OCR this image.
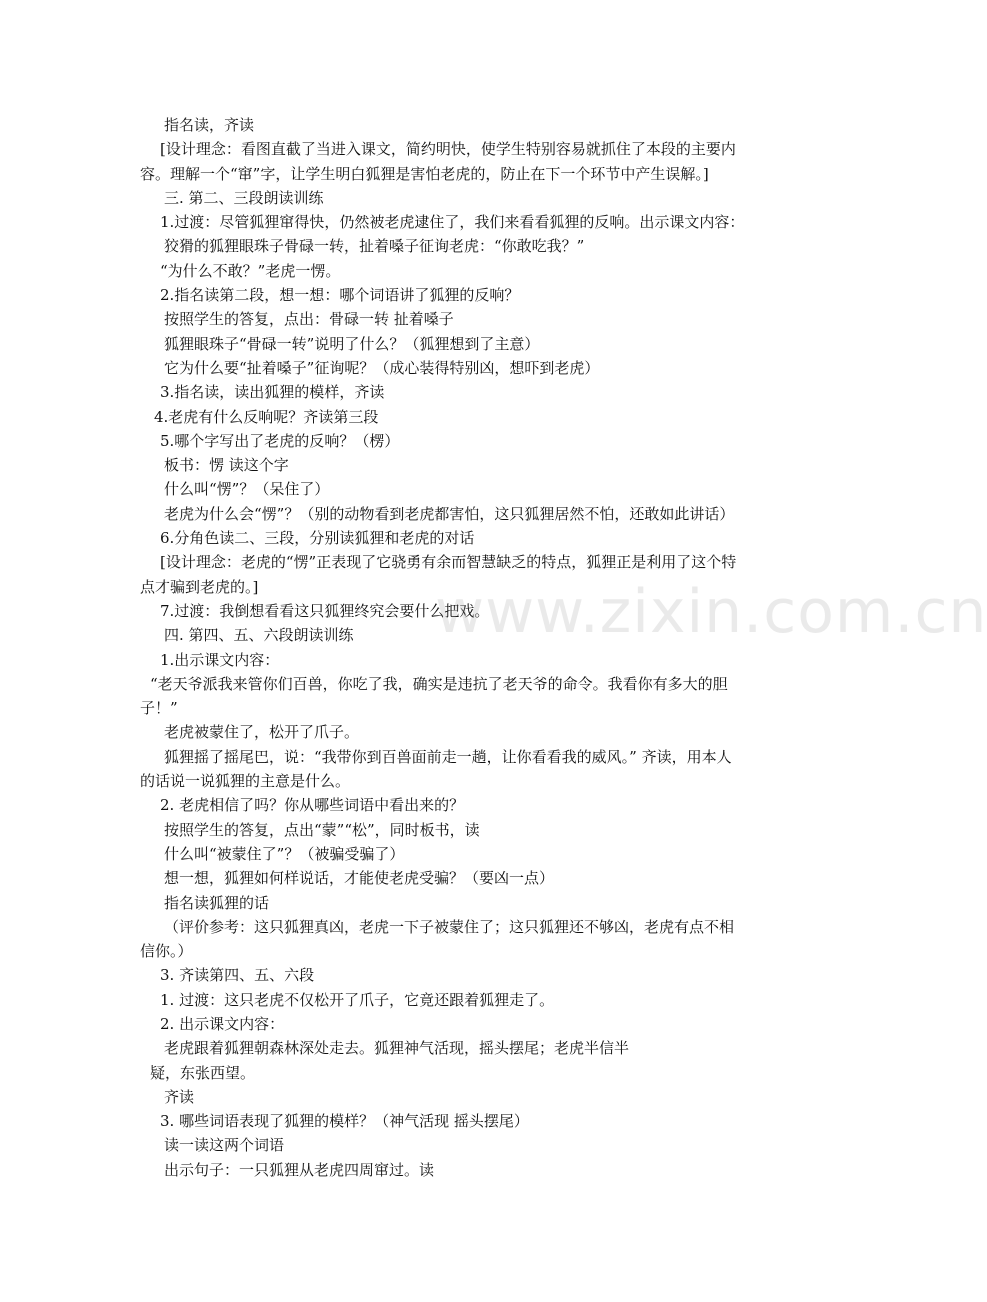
指名读，齐读
[设计理念：看图直截了当进入课文，简约明快，使学生特别容易就抓住了本段的主要内
容。理解一个“窜”字，让学生明白狐狸是害怕老虎的，防止在下一个环节中产生误解。]
三. 第二、三段朗读训练
1.过渡：尽管狐狸窜得快，仍然被老虎逮住了，我们来看看狐狸的反响。出示课文内容：
狡猾的狐狸眼珠子骨碌一转，扯着嗓子征询老虎：“你敢吃我？”
“为什么不敢？”老虎一愣。
2.指名读第二段，想一想：哪个词语讲了狐狸的反响？
按照学生的答复，点出：骨碌一转 扯着嗓子
狐狸眼珠子“骨碌一转”说明了什么？（狐狸想到了主意）
它为什么要“扯着嗓子”征询呢？（成心装得特别凶，想吓到老虎）
3.指名读，读出狐狸的模样，齐读
4.老虎有什么反响呢？齐读第三段
5.哪个字写出了老虎的反响？（楞）
板书：愣 读这个字
什么叫“愣”？（呆住了）
老虎为什么会“愣”？（别的动物看到老虎都害怕，这只狐狸居然不怕，还敢如此讲话）
6.分角色读二、三段，分别读狐狸和老虎的对话
[设计理念：老虎的“愣”正表现了它骁勇有余而智慧缺乏的特点，狐狸正是利用了这个特
点才骗到老虎的。]
7.过渡：我倒想看看这只狐狸终究会要什么把戏。
四. 第四、五、六段朗读训练
1.出示课文内容：
“老天爷派我来管你们百兽，你吃了我，确实是违抗了老天爷的命令。我看你有多大的胆
子！”
老虎被蒙住了，松开了爪子。
狐狸摇了摇尾巴，说：“我带你到百兽面前走一趟，让你看看我的威风。” 齐读，用本人
的话说一说狐狸的主意是什么。
2. 老虎相信了吗？你从哪些词语中看出来的？
按照学生的答复，点出“蒙”“松”，同时板书，读
什么叫“被蒙住了”？（被骗受骗了）
想一想，狐狸如何样说话，才能使老虎受骗？（要凶一点）
指名读狐狸的话
（评价参考：这只狐狸真凶，老虎一下子被蒙住了；这只狐狸还不够凶，老虎有点不相
信你。）
3. 齐读第四、五、六段
1. 过渡：这只老虎不仅松开了爪子，它竟还跟着狐狸走了。
2. 出示课文内容：
老虎跟着狐狸朝森林深处走去。狐狸神气活现，摇头摆尾；老虎半信半
疑，东张西望。
齐读
3. 哪些词语表现了狐狸的模样？（神气活现 摇头摆尾）
读一读这两个词语
出示句子：一只狐狸从老虎四周窜过。读
www.zixin.com.cn
